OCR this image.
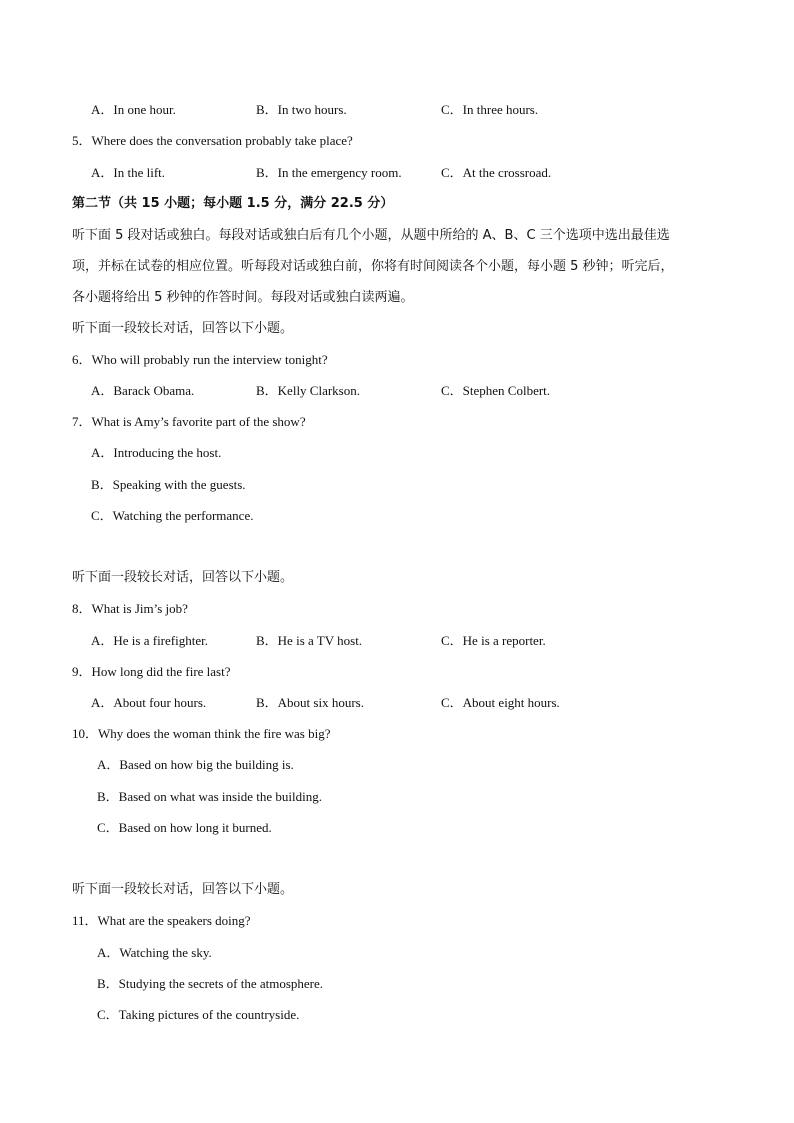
A．In one hour.	B．In two hours.	C．In three hours.
5．Where does the conversation probably take place?
A．In the lift.	B．In the emergency room.	C．At the crossroad.
第二节（共 15 小题；每小题 1.5 分，满分 22.5 分）
听下面 5 段对话或独白。每段对话或独白后有几个小题，从题中所给的 A、B、C 三个选项中选出最佳选
项，并标在试卷的相应位置。听每段对话或独白前，你将有时间阅读各个小题，每小题 5 秒钟；听完后，
各小题将给出 5 秒钟的作答时间。每段对话或独白读两遍。
听下面一段较长对话，回答以下小题。
6．Who will probably run the interview tonight?
A．Barack Obama.	B．Kelly Clarkson.	C．Stephen Colbert.
7．What is Amy’s favorite part of the show?
A．Introducing the host.
B．Speaking with the guests.
C．Watching the performance.
听下面一段较长对话，回答以下小题。
8．What is Jim’s job?
A．He is a firefighter.	B．He is a TV host.	C．He is a reporter.
9．How long did the fire last?
A．About four hours.	B．About six hours.	C．About eight hours.
10．Why does the woman think the fire was big?
A．Based on how big the building is.
B．Based on what was inside the building.
C．Based on how long it burned.
听下面一段较长对话，回答以下小题。
11．What are the speakers doing?
A．Watching the sky.
B．Studying the secrets of the atmosphere.
C．Taking pictures of the countryside.
